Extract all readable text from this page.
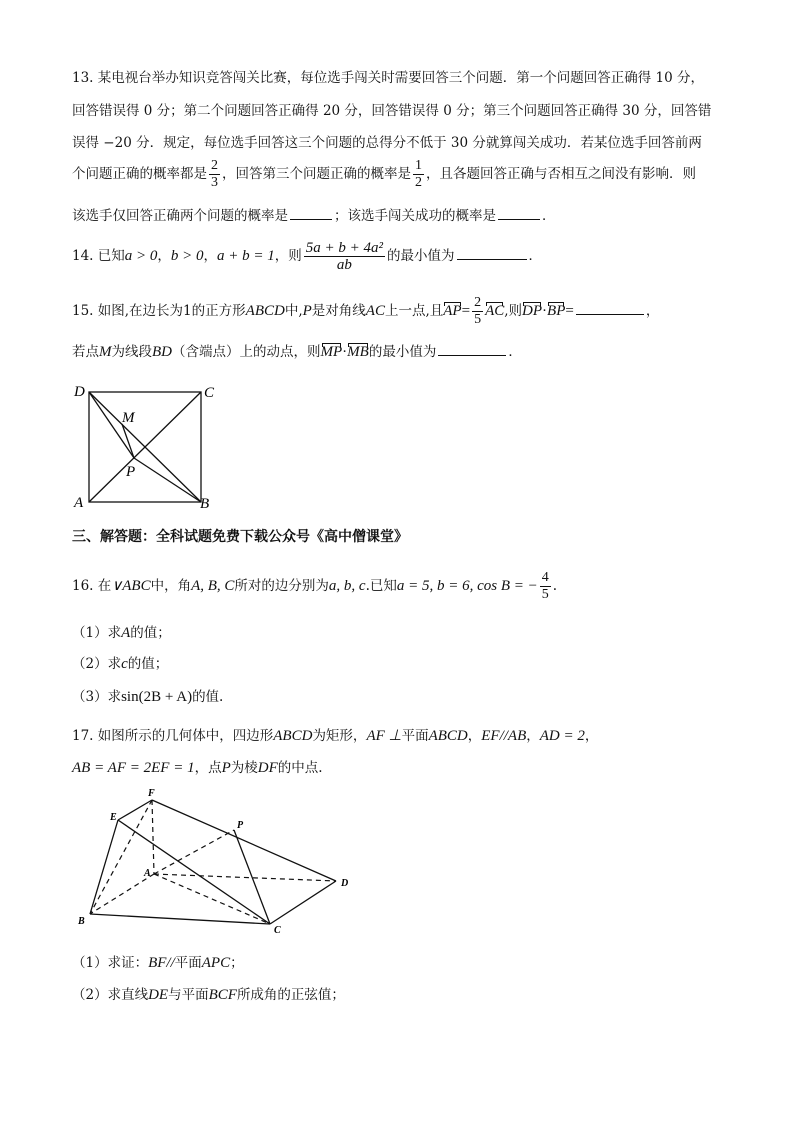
13. 某电视台举办知识竞答闯关比赛，每位选手闯关时需要回答三个问题．第一个问题回答正确得 10 分，
回答错误得 0 分；第二个问题回答正确得 20 分，回答错误得 0 分；第三个问题回答正确得 30 分，回答错
误得 −20 分．规定，每位选手回答这三个问题的总得分不低于 30 分就算闯关成功．若某位选手回答前两
个问题正确的概率都是 $\frac{2}{3}$ ，回答第三个问题正确的概率是 $\frac{1}{2}$ ，且各题回答正确与否相互之间没有影响．则
该选手仅回答正确两个问题的概率是	；该选手闯关成功的概率是	．
14. 已知a > 0，b > 0，a + b = 1，则 $\frac{\text{5a + b + 4a²}}{ab}$ 的最小值为	．
15. 如图,在边长为1的正方形ABCD中,P是对角线AC上一点,且$AP= \frac{2}{5}$ AC,则DP·BP=	，
若点M为线段BD（含端点）上的动点，则MP·MB的最小值为	．
D	C
A	B
M
P
三、解答题：全科试题免费下载公众号《高中僧课堂》
16. 在∨ABC中，角A, B, C所对的边分别为a, b, c.已知a = 5, b = 6, cos B = − $\frac{4}{5}$ .
（1）求A的值；
（2）求c的值；
（3）求sin(2B + A)的值.
17. 如图所示的几何体中，四边形ABCD为矩形，AF ⊥平面ABCD，EF//AB，AD = 2，
AB = AF = 2EF = 1，点P为棱DF的中点.
F
E
P
A
D
B
C
（1）求证：BF//平面APC；
（2）求直线DE与平面BCF所成角的正弦值；
